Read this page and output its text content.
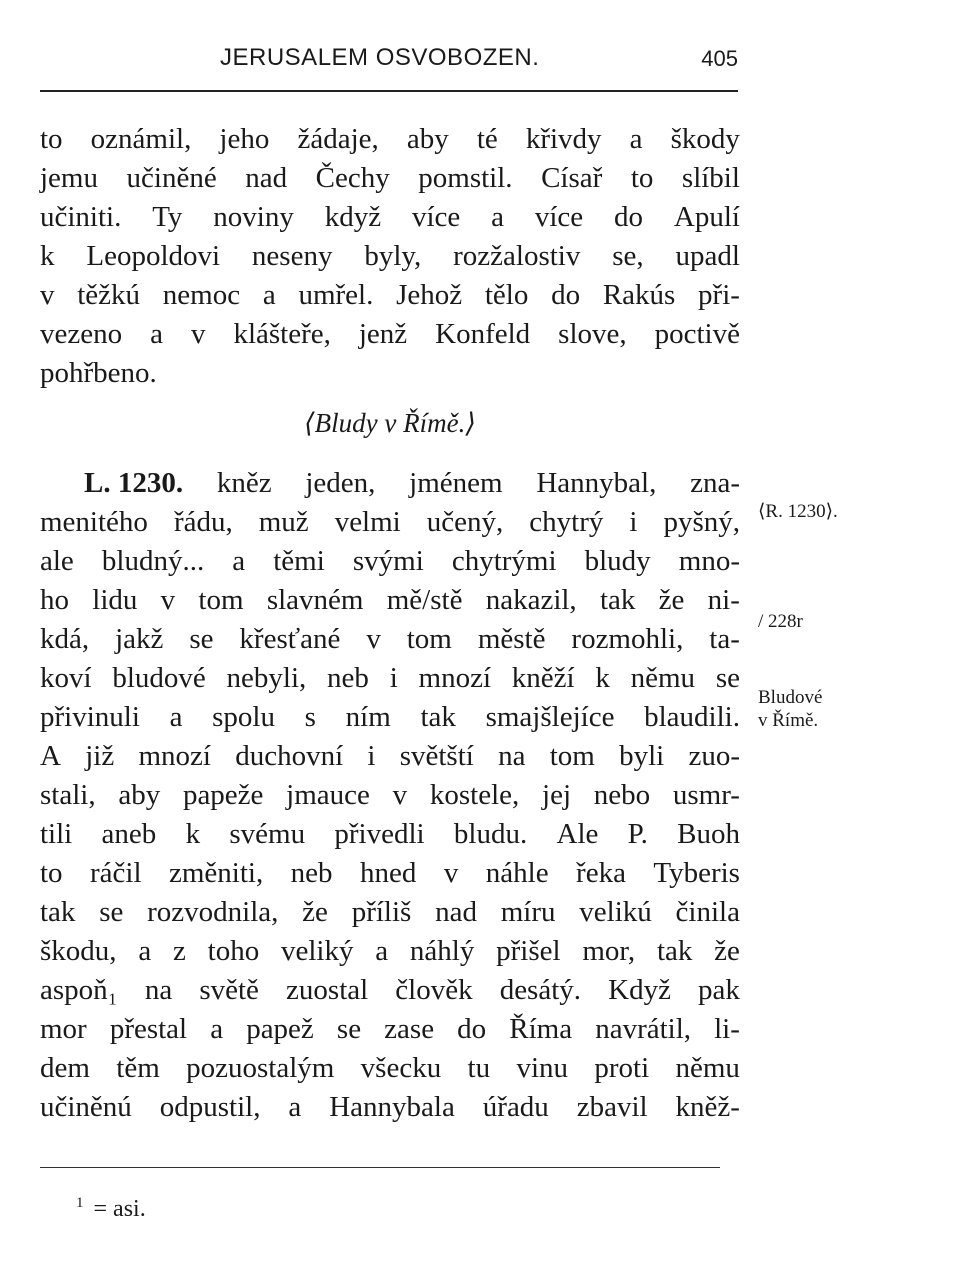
JERUSALEM OSVOBOZEN.	405
to oznámil, jeho žádaje, aby té křivdy a škody
jemu učiněné nad Čechy pomstil. Císař to slíbil
učiniti. Ty noviny když více a více do Apulí
k Leopoldovi neseny byly, rozžalostiv se, upadl
v těžkú nemoc a umřel. Jehož tělo do Rakús při-
vezeno a v klášteře, jenž Konfeld slove, poctivě
pohřbeno.
⟨Bludy v Římě.⟩
L. 1230. kněz jeden, jménem Hannybal, zna-
menitého řádu, muž velmi učený, chytrý i pyšný,
ale bludný... a těmi svými chytrými bludy mno-
ho lidu v tom slavném mě/stě nakazil, tak že ni-
kdá, jakž se křesťané v tom městě rozmohli, ta-
koví bludové nebyli, neb i mnozí kněží k němu se
přivinuli a spolu s ním tak smajšlejíce blaudili.
A již mnozí duchovní i světští na tom byli zuo-
stali, aby papeže jmauce v kostele, jej nebo usmr-
tili aneb k svému přivedli bludu. Ale P. Buoh
to ráčil změniti, neb hned v náhle řeka Tyberis
tak se rozvodnila, že příliš nad míru velikú činila
škodu, a z toho veliký a náhlý přišel mor, tak že
aspoň₁ na světě zuostal člověk desátý. Když pak
mor přestal a papež se zase do Říma navrátil, li-
dem těm pozuostalým všecku tu vinu proti němu
učiněnú odpustil, a Hannybala úřadu zbavil kněž-
⟨R. 1230⟩.
/ 228r
Bludové
v Římě.
$^1$ = asi.
